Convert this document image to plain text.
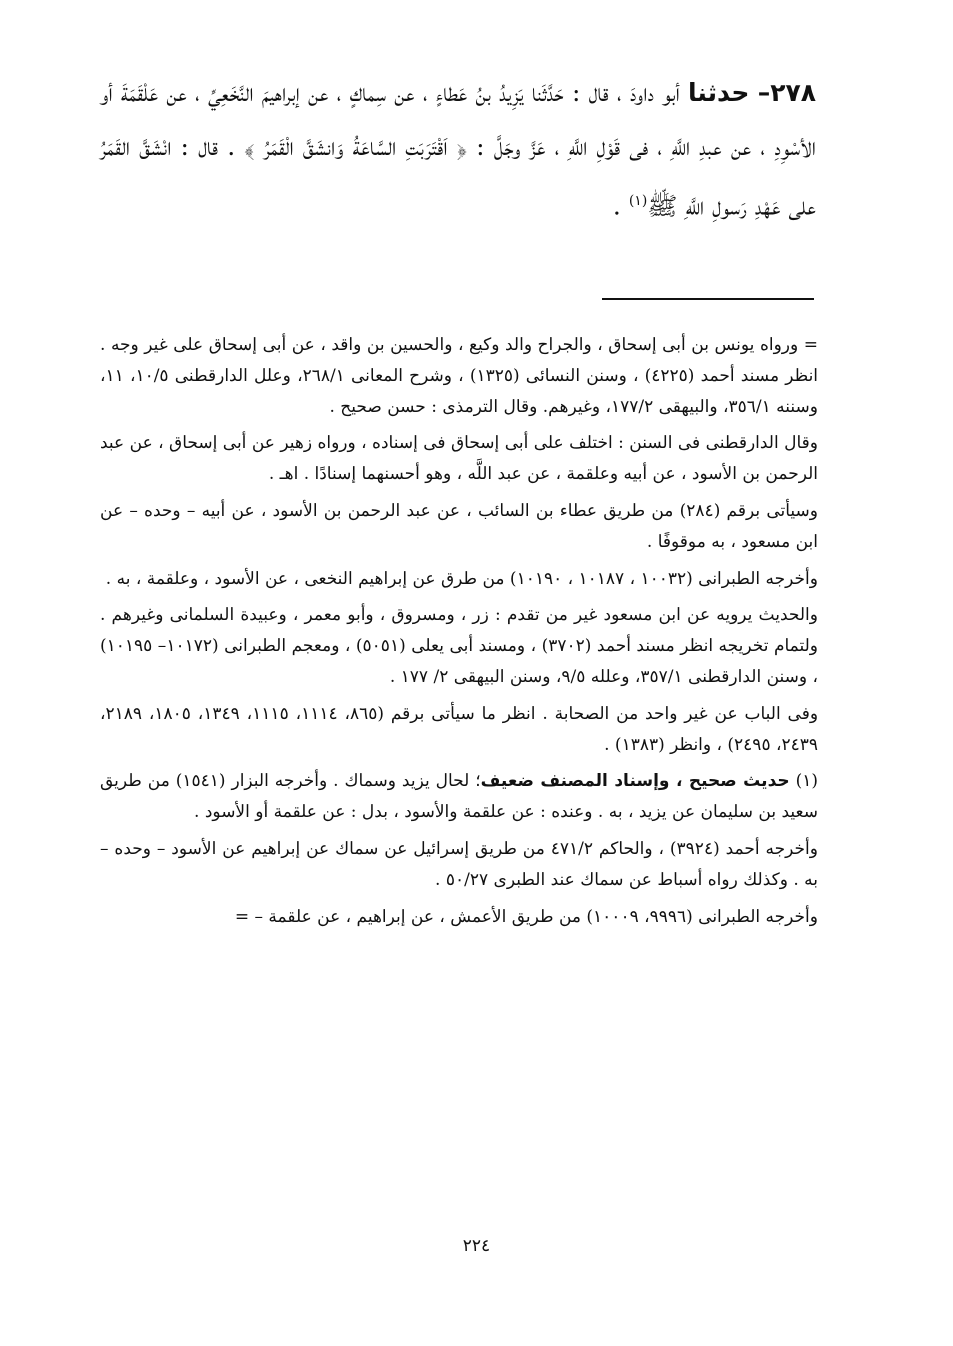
٢٧٨– حدثنا أبو داودَ ، قال : حَدَّثَنا يَزِيدُ بنُ عَطاءٍ ، عن سِماكٍ ، عن إبراهيمَ النَّخَعِيِّ ، عن عَلْقَمَةَ أو الأسْوِدِ ، عن عبدِ اللَّهِ ، فى قَوْلِ اللَّهِ ، عَزَّ وجَلَّ : ﴿ اَقْتَرَبَتِ السَّاعَةُ وَانشَقَّ الْقَمَرُ ﴾ . قال : انْشَقَّ القَمَرُ على عَهْدِ رَسولِ اللَّهِ ﷺ$^{(١)}$ .

= ورواه يونس بن أبى إسحاق ، والجراح والد وكيع ، والحسين بن واقد ، عن أبى إسحاق على غير وجه . انظر مسند أحمد (٤٢٢٥) ، وسنن النسائى (١٣٢٥) ، وشرح المعانى ٢٦٨/١، وعلل الدارقطنى ١٠/٥، ١١، وسننه ٣٥٦/١، والبيهقى ١٧٧/٢، وغيرهم. وقال الترمذى : حسن صحيح .

وقال الدارقطنى فى السنن : اختلف على أبى إسحاق فى إسناده ، ورواه زهير عن أبى إسحاق ، عن عبد الرحمن بن الأسود ، عن أبيه وعلقمة ، عن عبد اللَّه ، وهو أحسنهما إسنادًا . اهـ .

وسيأتى برقم (٢٨٤) من طريق عطاء بن السائب ، عن عبد الرحمن بن الأسود ، عن أبيه – وحده – عن ابن مسعود ، به موقوفًا .

وأخرجه الطبرانى (١٠٠٣٢ ، ١٠١٨٧ ، ١٠١٩٠) من طرق عن إبراهيم النخعى ، عن الأسود ، وعلقمة ، به .

والحديث يرويه عن ابن مسعود غير من تقدم : زر ، ومسروق ، وأبو معمر ، وعبيدة السلمانى وغيرهم . ولتمام تخريجه انظر مسند أحمد (٣٧٠٢) ، ومسند أبى يعلى (٥٠٥١) ، ومعجم الطبرانى (١٠١٧٢– ١٠١٩٥) ، وسنن الدارقطنى ٣٥٧/١، وعلله ٩/٥، وسنن البيهقى ٢/ ١٧٧ .

وفى الباب عن غير واحد من الصحابة . انظر ما سيأتى برقم (٨٦٥، ١١١٤، ١١١٥، ١٣٤٩، ١٨٠٥، ٢١٨٩، ٢٤٣٩، ٢٤٩٥) ، وانظر (١٣٨٣) .

(١) حديث صحيح ، وإسناد المصنف ضعيف؛ لحال يزيد وسماك . وأخرجه البزار (١٥٤١) من طريق سعيد بن سليمان عن يزيد ، به . وعنده : عن علقمة والأسود ، بدل : عن علقمة أو الأسود .

وأخرجه أحمد (٣٩٢٤) ، والحاكم ٤٧١/٢ من طريق إسرائيل عن سماك عن إبراهيم عن الأسود – وحده – به . وكذلك رواه أسباط عن سماك عند الطبرى ٥٠/٢٧ .

وأخرجه الطبرانى (٩٩٩٦، ١٠٠٠٩) من طريق الأعمش ، عن إبراهيم ، عن علقمة – =

٢٢٤
